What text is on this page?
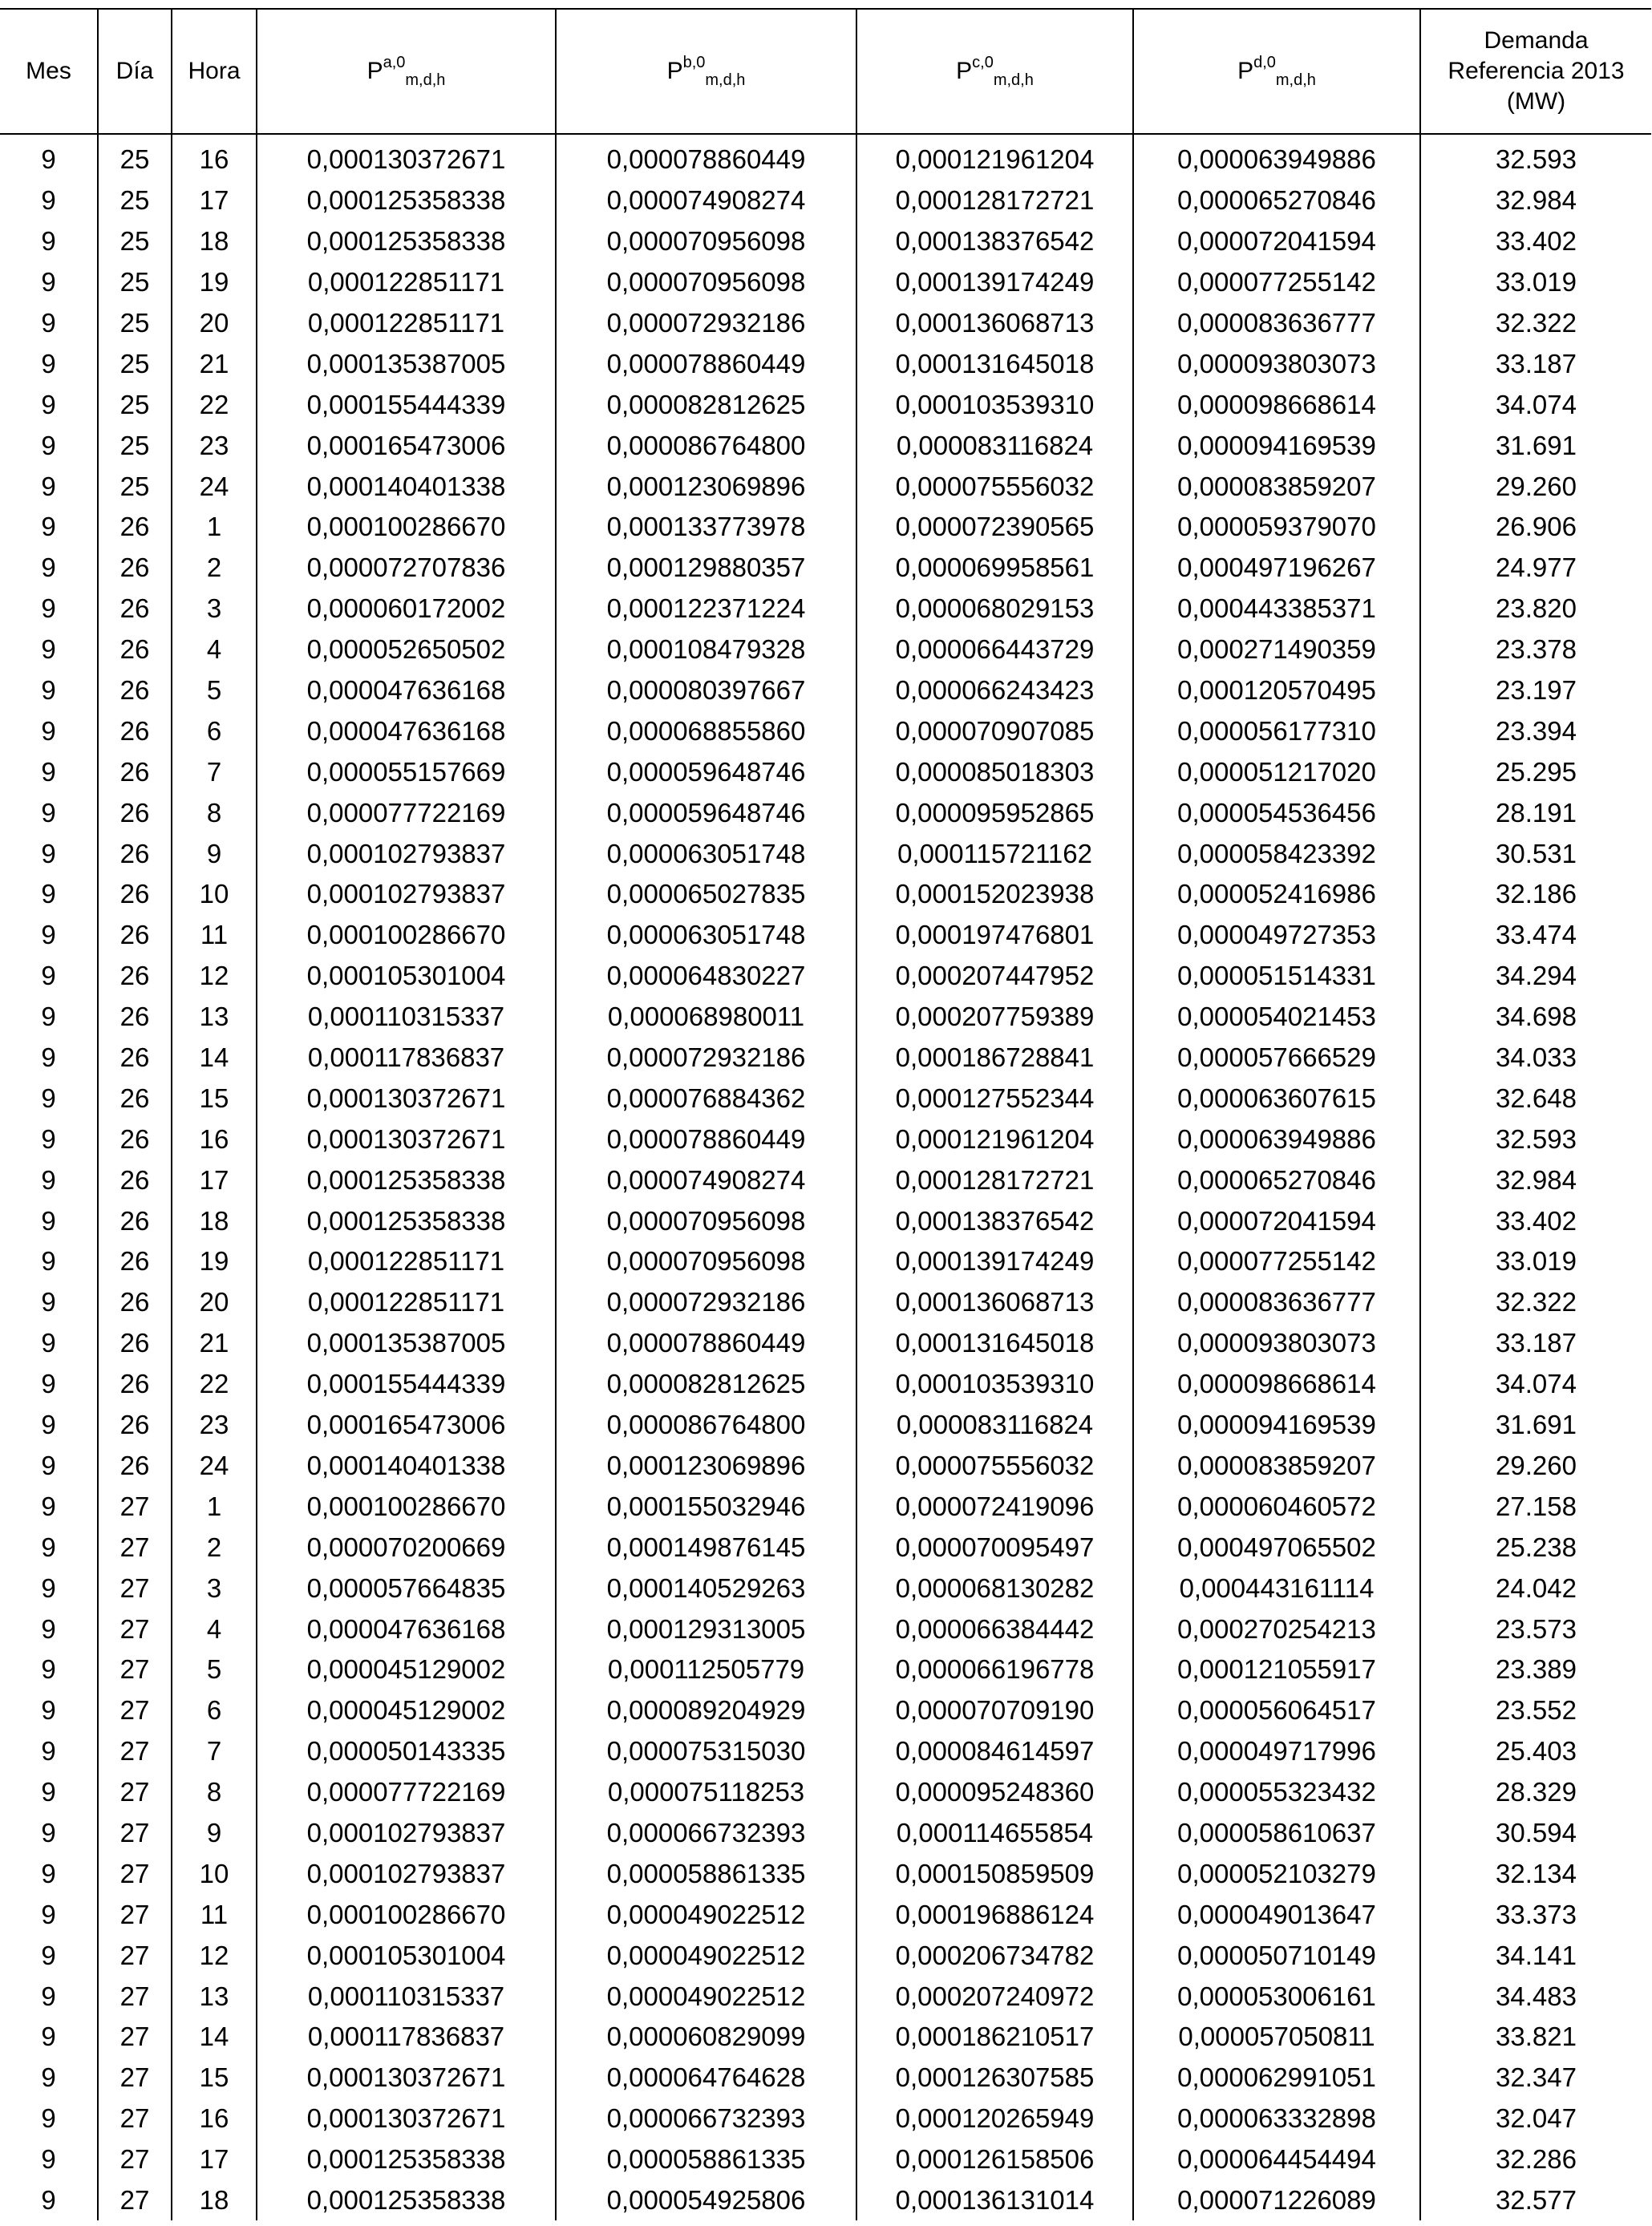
Mes	Día	Hora	P$^{a,0}_{m,d,h}$	P$^{b,0}_{m,d,h}$	P$^{c,0}_{m,d,h}$	P$^{d,0}_{m,d,h}$	Demanda
Referencia 2013
(MW)
9	25	16	0,000130372671	0,000078860449	0,000121961204	0,000063949886	32.593
9	25	17	0,000125358338	0,000074908274	0,000128172721	0,000065270846	32.984
9	25	18	0,000125358338	0,000070956098	0,000138376542	0,000072041594	33.402
9	25	19	0,000122851171	0,000070956098	0,000139174249	0,000077255142	33.019
9	25	20	0,000122851171	0,000072932186	0,000136068713	0,000083636777	32.322
9	25	21	0,000135387005	0,000078860449	0,000131645018	0,000093803073	33.187
9	25	22	0,000155444339	0,000082812625	0,000103539310	0,000098668614	34.074
9	25	23	0,000165473006	0,000086764800	0,000083116824	0,000094169539	31.691
9	25	24	0,000140401338	0,000123069896	0,000075556032	0,000083859207	29.260
9	26	1	0,000100286670	0,000133773978	0,000072390565	0,000059379070	26.906
9	26	2	0,000072707836	0,000129880357	0,000069958561	0,000497196267	24.977
9	26	3	0,000060172002	0,000122371224	0,000068029153	0,000443385371	23.820
9	26	4	0,000052650502	0,000108479328	0,000066443729	0,000271490359	23.378
9	26	5	0,000047636168	0,000080397667	0,000066243423	0,000120570495	23.197
9	26	6	0,000047636168	0,000068855860	0,000070907085	0,000056177310	23.394
9	26	7	0,000055157669	0,000059648746	0,000085018303	0,000051217020	25.295
9	26	8	0,000077722169	0,000059648746	0,000095952865	0,000054536456	28.191
9	26	9	0,000102793837	0,000063051748	0,000115721162	0,000058423392	30.531
9	26	10	0,000102793837	0,000065027835	0,000152023938	0,000052416986	32.186
9	26	11	0,000100286670	0,000063051748	0,000197476801	0,000049727353	33.474
9	26	12	0,000105301004	0,000064830227	0,000207447952	0,000051514331	34.294
9	26	13	0,000110315337	0,000068980011	0,000207759389	0,000054021453	34.698
9	26	14	0,000117836837	0,000072932186	0,000186728841	0,000057666529	34.033
9	26	15	0,000130372671	0,000076884362	0,000127552344	0,000063607615	32.648
9	26	16	0,000130372671	0,000078860449	0,000121961204	0,000063949886	32.593
9	26	17	0,000125358338	0,000074908274	0,000128172721	0,000065270846	32.984
9	26	18	0,000125358338	0,000070956098	0,000138376542	0,000072041594	33.402
9	26	19	0,000122851171	0,000070956098	0,000139174249	0,000077255142	33.019
9	26	20	0,000122851171	0,000072932186	0,000136068713	0,000083636777	32.322
9	26	21	0,000135387005	0,000078860449	0,000131645018	0,000093803073	33.187
9	26	22	0,000155444339	0,000082812625	0,000103539310	0,000098668614	34.074
9	26	23	0,000165473006	0,000086764800	0,000083116824	0,000094169539	31.691
9	26	24	0,000140401338	0,000123069896	0,000075556032	0,000083859207	29.260
9	27	1	0,000100286670	0,000155032946	0,000072419096	0,000060460572	27.158
9	27	2	0,000070200669	0,000149876145	0,000070095497	0,000497065502	25.238
9	27	3	0,000057664835	0,000140529263	0,000068130282	0,000443161114	24.042
9	27	4	0,000047636168	0,000129313005	0,000066384442	0,000270254213	23.573
9	27	5	0,000045129002	0,000112505779	0,000066196778	0,000121055917	23.389
9	27	6	0,000045129002	0,000089204929	0,000070709190	0,000056064517	23.552
9	27	7	0,000050143335	0,000075315030	0,000084614597	0,000049717996	25.403
9	27	8	0,000077722169	0,000075118253	0,000095248360	0,000055323432	28.329
9	27	9	0,000102793837	0,000066732393	0,000114655854	0,000058610637	30.594
9	27	10	0,000102793837	0,000058861335	0,000150859509	0,000052103279	32.134
9	27	11	0,000100286670	0,000049022512	0,000196886124	0,000049013647	33.373
9	27	12	0,000105301004	0,000049022512	0,000206734782	0,000050710149	34.141
9	27	13	0,000110315337	0,000049022512	0,000207240972	0,000053006161	34.483
9	27	14	0,000117836837	0,000060829099	0,000186210517	0,000057050811	33.821
9	27	15	0,000130372671	0,000064764628	0,000126307585	0,000062991051	32.347
9	27	16	0,000130372671	0,000066732393	0,000120265949	0,000063332898	32.047
9	27	17	0,000125358338	0,000058861335	0,000126158506	0,000064454494	32.286
9	27	18	0,000125358338	0,000054925806	0,000136131014	0,000071226089	32.577
